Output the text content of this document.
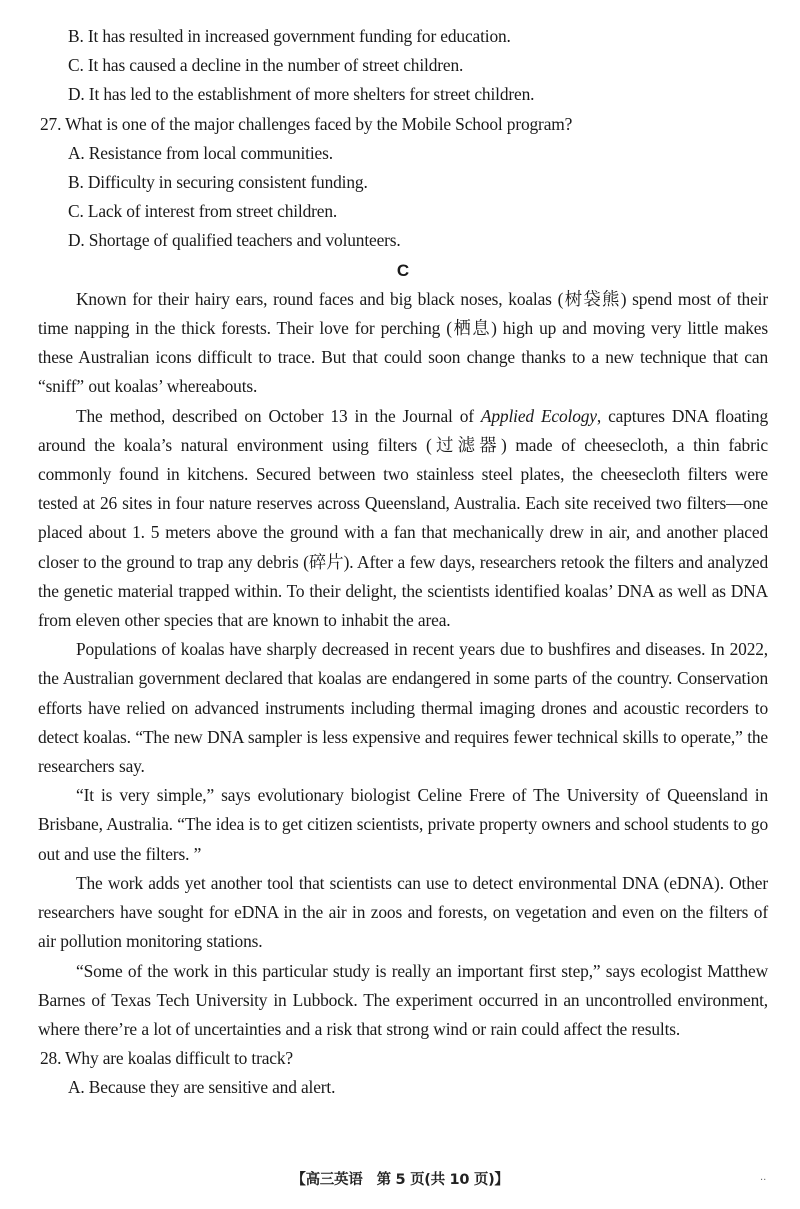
B. It has resulted in increased government funding for education.
C. It has caused a decline in the number of street children.
D. It has led to the establishment of more shelters for street children.
27. What is one of the major challenges faced by the Mobile School program?
A. Resistance from local communities.
B. Difficulty in securing consistent funding.
C. Lack of interest from street children.
D. Shortage of qualified teachers and volunteers.
C

Known for their hairy ears, round faces and big black noses, koalas (树袋熊) spend most of their time napping in the thick forests. Their love for perching (栖息) high up and moving very little makes these Australian icons difficult to trace. But that could soon change thanks to a new technique that can “sniff” out koalas’ whereabouts.

The method, described on October 13 in the Journal of Applied Ecology, captures DNA floating around the koala’s natural environment using filters (过滤器) made of cheesecloth, a thin fabric commonly found in kitchens. Secured between two stainless steel plates, the cheesecloth filters were tested at 26 sites in four nature reserves across Queensland, Australia. Each site received two filters—one placed about 1. 5 meters above the ground with a fan that mechanically drew in air, and another placed closer to the ground to trap any debris (碎片). After a few days, researchers retook the filters and analyzed the genetic material trapped within. To their delight, the scientists identified koalas’ DNA as well as DNA from eleven other species that are known to inhabit the area.

Populations of koalas have sharply decreased in recent years due to bushfires and diseases. In 2022, the Australian government declared that koalas are endangered in some parts of the country. Conservation efforts have relied on advanced instruments including thermal imaging drones and acoustic recorders to detect koalas. “The new DNA sampler is less expensive and requires fewer technical skills to operate,” the researchers say.

“It is very simple,” says evolutionary biologist Celine Frere of The University of Queensland in Brisbane, Australia. “The idea is to get citizen scientists, private property owners and school students to go out and use the filters. ”

The work adds yet another tool that scientists can use to detect environmental DNA (eDNA). Other researchers have sought for eDNA in the air in zoos and forests, on vegetation and even on the filters of air pollution monitoring stations.

“Some of the work in this particular study is really an important first step,” says ecologist Matthew Barnes of Texas Tech University in Lubbock. The experiment occurred in an uncontrolled environment, where there’re a lot of uncertainties and a risk that strong wind or rain could affect the results.

28. Why are koalas difficult to track?
A. Because they are sensitive and alert.
【高三英语　第 5 页(共 10 页)】	..
